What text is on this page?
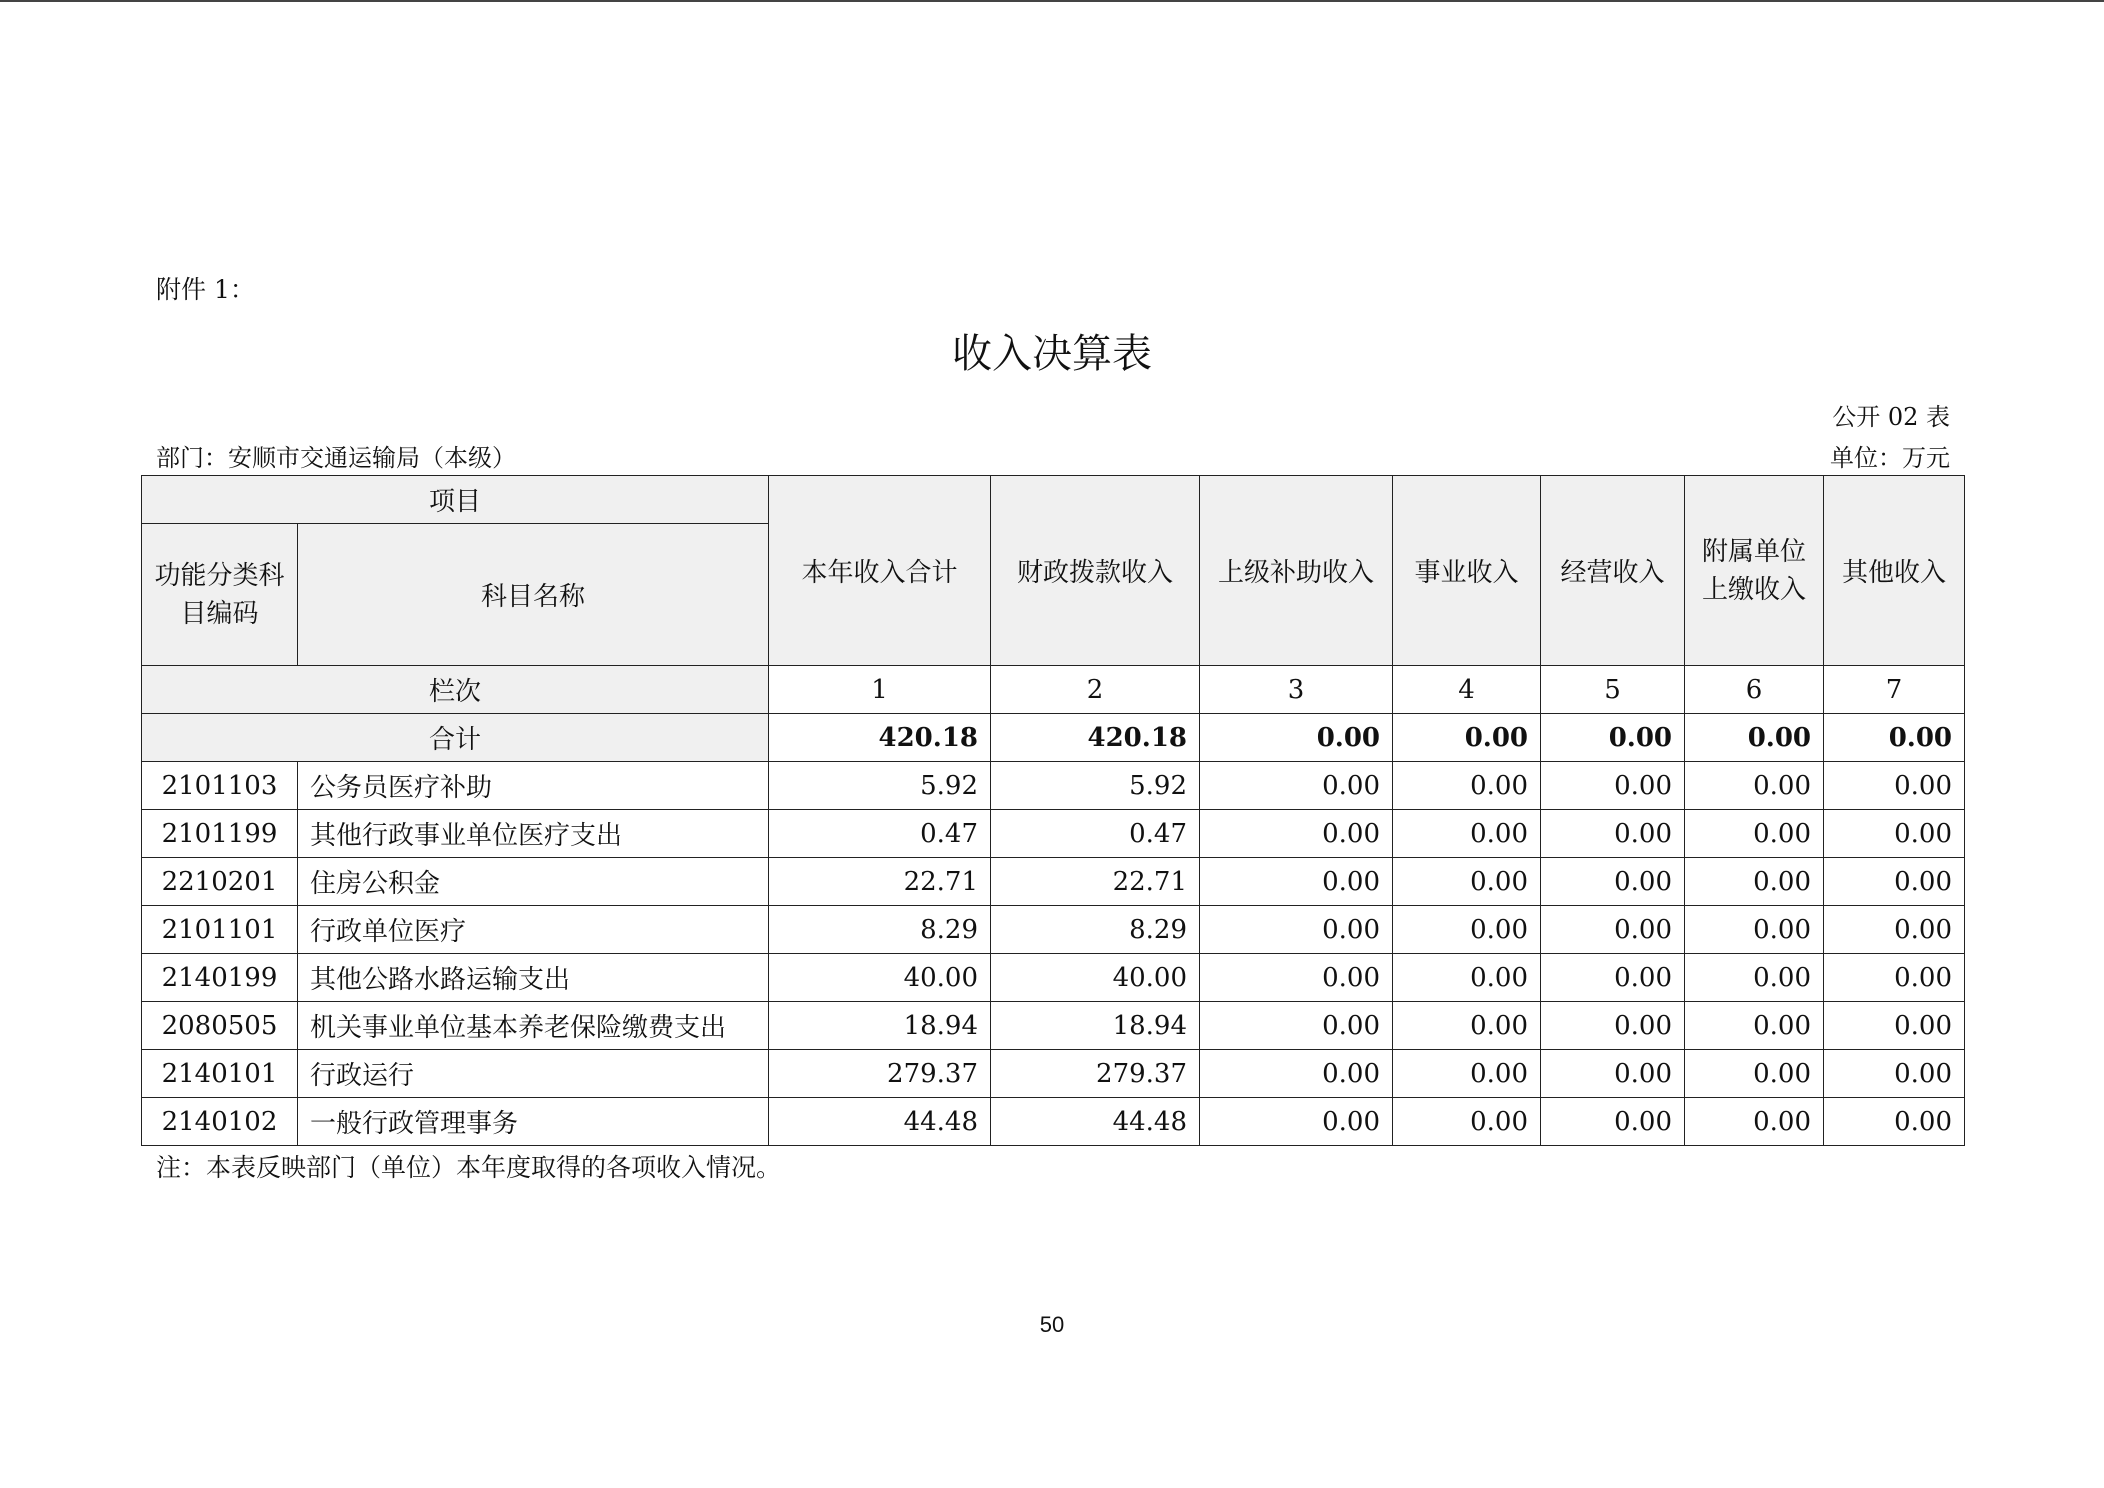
附件 1：
收入决算表
公开 02 表
部门：安顺市交通运输局（本级）	单位：万元
项目		本年收入合计	财政拨款收入	上级补助收入	事业收入	经营收入	附属单位上缴收入	其他收入
功能分类科目编码	科目名称							
栏次		1	2	3	4	5	6	7
合计		420.18	420.18	0.00	0.00	0.00	0.00	0.00
2101103	公务员医疗补助	5.92	5.92	0.00	0.00	0.00	0.00	0.00
2101199	其他行政事业单位医疗支出	0.47	0.47	0.00	0.00	0.00	0.00	0.00
2210201	住房公积金	22.71	22.71	0.00	0.00	0.00	0.00	0.00
2101101	行政单位医疗	8.29	8.29	0.00	0.00	0.00	0.00	0.00
2140199	其他公路水路运输支出	40.00	40.00	0.00	0.00	0.00	0.00	0.00
2080505	机关事业单位基本养老保险缴费支出	18.94	18.94	0.00	0.00	0.00	0.00	0.00
2140101	行政运行	279.37	279.37	0.00	0.00	0.00	0.00	0.00
2140102	一般行政管理事务	44.48	44.48	0.00	0.00	0.00	0.00	0.00
注：本表反映部门（单位）本年度取得的各项收入情况。
50
